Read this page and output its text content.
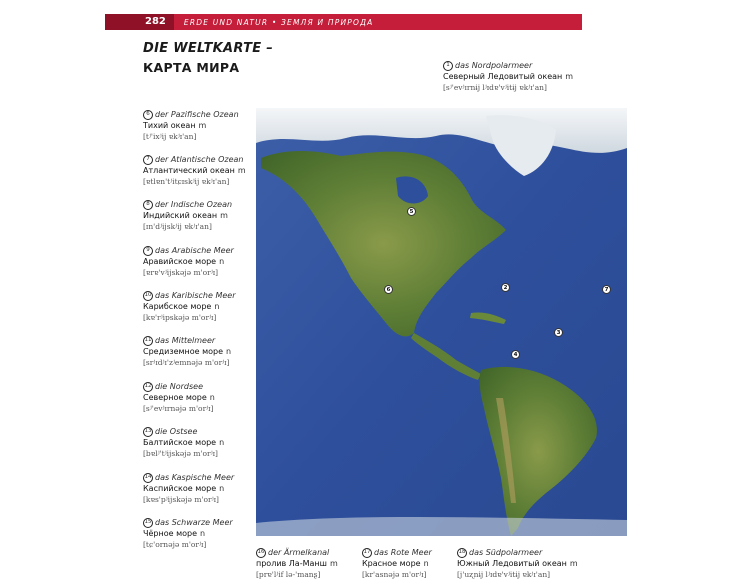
282	ERDE UND NATUR • ЗЕМЛЯ И ПРИРОДА
DIE WELTKARTE –
КАРТА МИРА	1 das Nordpolarmeer
Северный Ледовитый океан m
[sʲ'evʲɪrnɨj lʲɪdɐ'vʲitɨj ɐkʲɪ'an]
6 der Pazifische Ozean
Тихий океан m
[tʲ'ixʲij ɐkʲɪ'an]
7 der Atlantische Ozean
Атлантический океан m
[ɐtlɐn'tʲitɕɪskʲij ɐkʲɪ'an]
8 der Indische Ozean
Индийский океан m
[ɪn'dʲijskʲij ɐkʲɪ'an]
9 das Arabische Meer
Аравийское море n
[ɐrɐ'vʲijskəjə m'orʲɪ]
10 das Karibische Meer
Карибское море n
[kɐ'rʲipskəjə m'orʲɪ]
11 das Mittelmeer
Средиземное море n
[srʲɪdʲɪ'zʲemnəjə m'orʲɪ]
12 die Nordsee
Северное море n
[sʲ'evʲɪrnəjə m'orʲɪ]
13 die Ostsee
Балтийское море n
[bɐlʲ'tʲijskəjə m'orʲɪ]
14 das Kaspische Meer
Каспийское море n
[kɐs'pʲijskəjə m'orʲɪ]
15 das Schwarze Meer
Чёрное море n
[tɕ'ornəjə m'orʲɪ]
5
6	2	7
3
4
16 der Ärmelkanal
пролив Ла-Манш m
[prɐ'lʲif lə-'manʂ]
17 das Rote Meer
Красное море n
[kr'asnəjə m'orʲɪ]
18 das Südpolarmeer
Южный Ледовитый океан m
[j'uʐnɨj lʲɪdɐ'vʲitɨj ɐkʲɪ'an]
